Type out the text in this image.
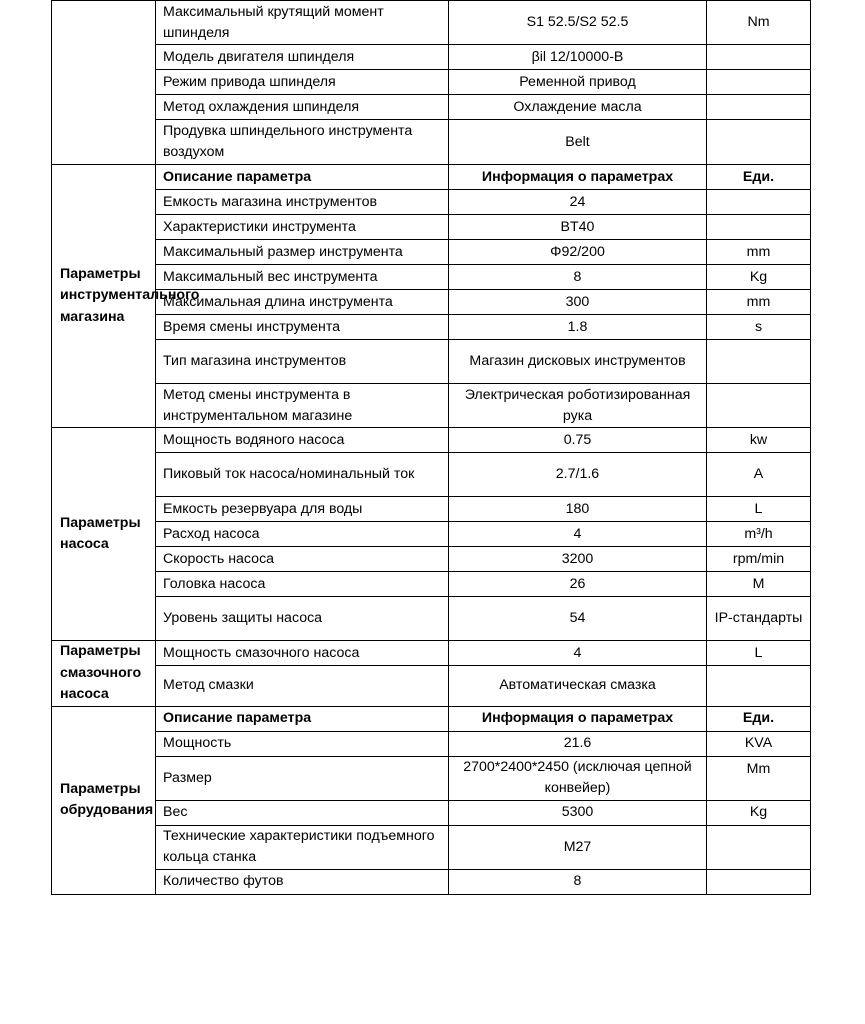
	Максимальный крутящий момент шпинделя	S1 52.5/S2 52.5	Nm
	Модель двигателя шпинделя	βil 12/10000-B	
	Режим привода шпинделя	Ременной привод	
	Метод охлаждения шпинделя	Охлаждение масла	
	Продувка шпиндельного инструмента воздухом	Belt	
Параметры инструментального магазина	Описание параметра	Информация о параметрах	Еди.
	Емкость магазина инструментов	24	
	Характеристики инструмента	BT40	
	Максимальный размер инструмента	Φ92/200	mm
	Максимальный вес инструмента	8	Kg
	Максимальная длина инструмента	300	mm
	Время смены инструмента	1.8	s
	Тип магазина инструментов	Магазин дисковых инструментов	
	Метод смены инструмента в инструментальном магазине	Электрическая роботизированная рука	
Параметры насоса	Мощность водяного насоса	0.75	kw
	Пиковый ток насоса/номинальный ток	2.7/1.6	A
	Емкость резервуара для воды	180	L
	Расход насоса	4	m³/h
	Скорость насоса	3200	rpm/min
	Головка насоса	26	M
	Уровень защиты насоса	54	IP-стандарты
Параметры смазочного насоса	Мощность смазочного насоса	4	L
	Метод смазки	Автоматическая смазка	
Параметры обрудования	Описание параметра	Информация о параметрах	Еди.
	Мощность	21.6	KVA
	Размер	2700*2400*2450 (исключая цепной конвейер)	Mm
	Вес	5300	Kg
	Технические характеристики подъемного кольца станка	M27	
	Количество футов	8	
